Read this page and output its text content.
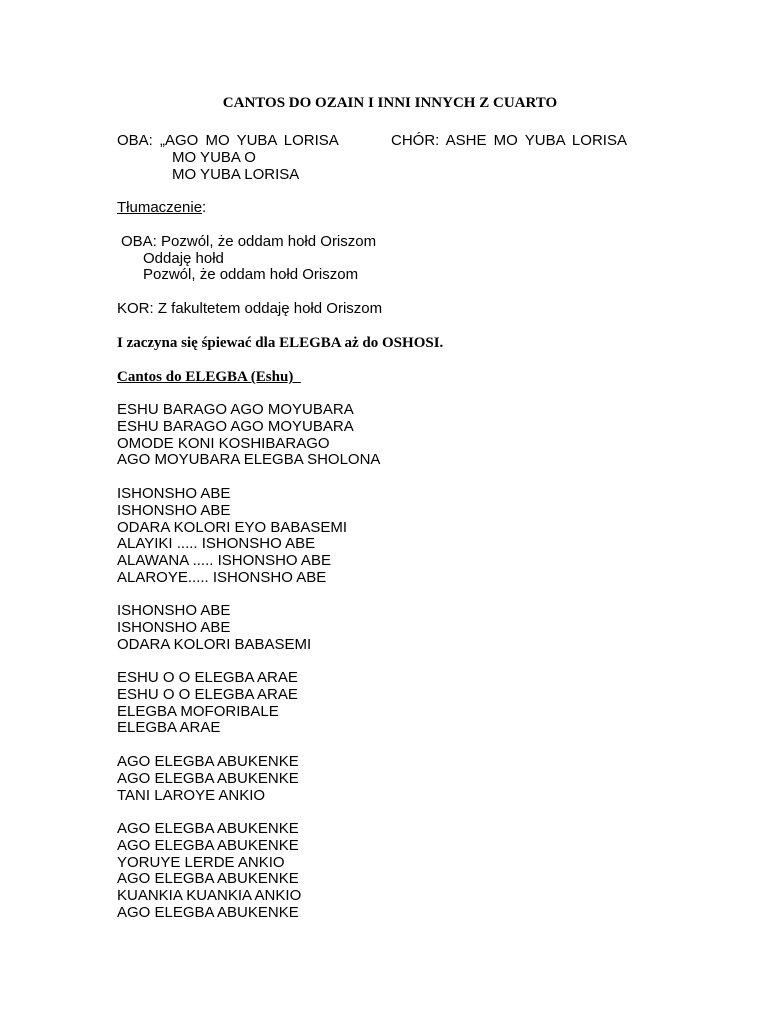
CANTOS DO OZAIN I INNI INNYCH Z CUARTO
OBA: „AGO MO YUBA LORISA	CHÓR: ASHE MO YUBA LORISA
MO YUBA O
MO YUBA LORISA
Tłumaczenie:
OBA: Pozwól, że oddam hołd Oriszom
Oddaję hołd
Pozwól, że oddam hołd Oriszom
KOR: Z fakultetem oddaję hołd Oriszom
I zaczyna się śpiewać dla ELEGBA aż do OSHOSI.
Cantos do ELEGBA (Eshu)
ESHU BARAGO AGO MOYUBARA
ESHU BARAGO AGO MOYUBARA
OMODE KONI KOSHIBARAGO
AGO MOYUBARA ELEGBA SHOLONA
ISHONSHO ABE
ISHONSHO ABE
ODARA KOLORI EYO BABASEMI
ALAYIKI ..... ISHONSHO ABE
ALAWANA ..... ISHONSHO ABE
ALAROYE..... ISHONSHO ABE
ISHONSHO ABE
ISHONSHO ABE
ODARA KOLORI BABASEMI
ESHU O O ELEGBA ARAE
ESHU O O ELEGBA ARAE
ELEGBA MOFORIBALE
ELEGBA ARAE
AGO ELEGBA ABUKENKE
AGO ELEGBA ABUKENKE
TANI LAROYE ANKIO
AGO ELEGBA ABUKENKE
AGO ELEGBA ABUKENKE
YORUYE LERDE ANKIO
AGO ELEGBA ABUKENKE
KUANKIA KUANKIA ANKIO
AGO ELEGBA ABUKENKE
